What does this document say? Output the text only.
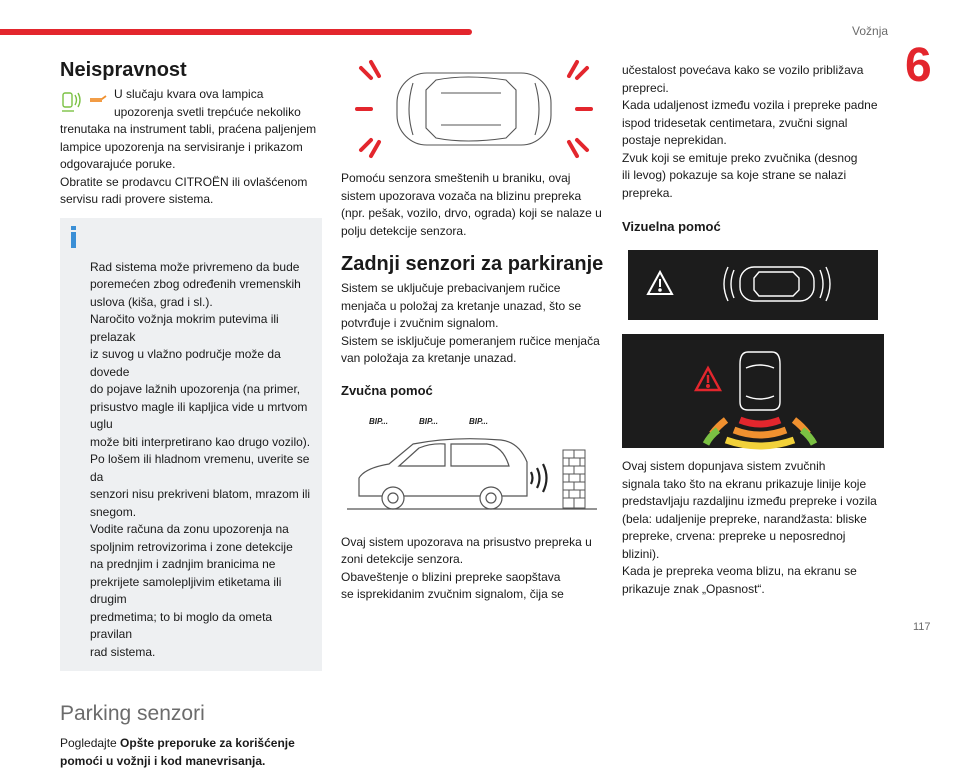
Vožnja
6
117
Neispravnost

U slučaju kvara ova lampica
upozorenja svetli trepćuće nekoliko

trenutaka na instrument tabli, praćena paljenjem
lampice upozorenja na servisiranje i prikazom
odgovarajuće poruke.
Obratite se prodavcu CITROËN ili ovlašćenom
servisu radi provere sistema.

Rad sistema može privremeno da bude
poremećen zbog određenih vremenskih
uslova (kiša, grad i sl.).
Naročito vožnja mokrim putevima ili prelazak
iz suvog u vlažno područje može da dovede
do pojave lažnih upozorenja (na primer,
prisustvo magle ili kapljica vide u mrtvom uglu
može biti interpretirano kao drugo vozilo).
Po lošem ili hladnom vremenu, uverite se da
senzori nisu prekriveni blatom, mrazom ili
snegom.
Vodite računa da zonu upozorenja na
spoljnim retrovizorima i zone detekcije
na prednjim i zadnjim branicima ne
prekrijete samolepljivim etiketama ili drugim
predmetima; to bi moglo da ometa pravilan
rad sistema.

Parking senzori

Pogledajte Opšte preporuke za korišćenje
pomoći u vožnji i kod manevrisanja.

Pomoću senzora smeštenih u braniku, ovaj
sistem upozorava vozača na blizinu prepreka
(npr. pešak, vozilo, drvo, ograda) koji se nalaze u
polju detekcije senzora.

Zadnji senzori za parkiranje

Sistem se uključuje prebacivanjem ručice
menjača u položaj za kretanje unazad, što se
potvrđuje i zvučnim signalom.
Sistem se isključuje pomeranjem ručice menjača
van položaja za kretanje unazad.

Zvučna pomoć
BIP...	BIP...	BIP...

Ovaj sistem upozorava na prisustvo prepreka u
zoni detekcije senzora.
Obaveštenje o blizini prepreke saopštava
se isprekidanim zvučnim signalom, čija se

učestalost povećava kako se vozilo približava
prepreci.
Kada udaljenost između vozila i prepreke padne
ispod tridesetak centimetara, zvučni signal
postaje neprekidan.
Zvuk koji se emituje preko zvučnika (desnog
ili levog) pokazuje sa koje strane se nalazi
prepreka.

Vizuelna pomoć

Ovaj sistem dopunjava sistem zvučnih
signala tako što na ekranu prikazuje linije koje
predstavljaju razdaljinu između prepreke i vozila
(bela: udaljenije prepreke, narandžasta: bliske
prepreke, crvena: prepreke u neposrednoj
blizini).
Kada je prepreka veoma blizu, na ekranu se
prikazuje znak „Opasnost“.
